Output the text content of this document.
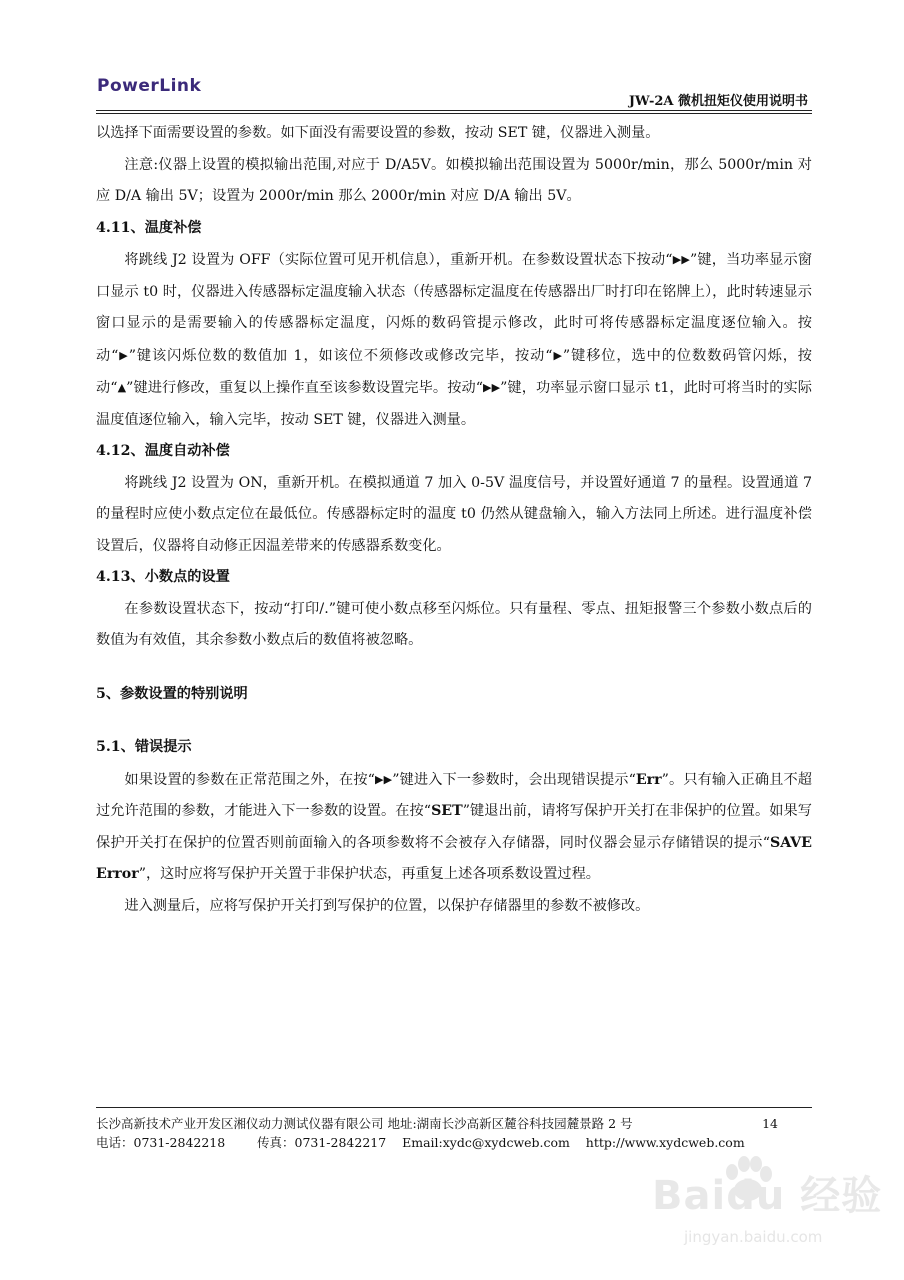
PowerLink
JW-2A 微机扭矩仪使用说明书

以选择下面需要设置的参数。如下面没有需要设置的参数，按动 SET 键，仪器进入测量。

注意:仪器上设置的模拟输出范围,对应于 D/A5V。如模拟输出范围设置为 5000r/min，那么 5000r/min 对应 D/A 输出 5V；设置为 2000r/min 那么 2000r/min 对应 D/A 输出 5V。

4.11、温度补偿

将跳线 J2 设置为 OFF（实际位置可见开机信息），重新开机。在参数设置状态下按动“▶▶”键，当功率显示窗口显示 t0 时，仪器进入传感器标定温度输入状态（传感器标定温度在传感器出厂时打印在铭牌上），此时转速显示窗口显示的是需要输入的传感器标定温度，闪烁的数码管提示修改，此时可将传感器标定温度逐位输入。按动“▶”键该闪烁位数的数值加 1，如该位不须修改或修改完毕，按动“▶”键移位，选中的位数数码管闪烁，按动“▲”键进行修改，重复以上操作直至该参数设置完毕。按动“▶▶”键，功率显示窗口显示 t1，此时可将当时的实际温度值逐位输入，输入完毕，按动 SET 键，仪器进入测量。

4.12、温度自动补偿

将跳线 J2 设置为 ON，重新开机。在模拟通道 7 加入 0-5V 温度信号，并设置好通道 7 的量程。设置通道 7 的量程时应使小数点定位在最低位。传感器标定时的温度 t0 仍然从键盘输入，输入方法同上所述。进行温度补偿设置后，仪器将自动修正因温差带来的传感器系数变化。

4.13、小数点的设置

在参数设置状态下，按动“打印/.”键可使小数点移至闪烁位。只有量程、零点、扭矩报警三个参数小数点后的数值为有效值，其余参数小数点后的数值将被忽略。

5、参数设置的特别说明

5.1、错误提示

如果设置的参数在正常范围之外，在按“▶▶”键进入下一参数时，会出现错误提示“Err”。只有输入正确且不超过允许范围的参数，才能进入下一参数的设置。在按“SET”键退出前，请将写保护开关打在非保护的位置。如果写保护开关打在保护的位置否则前面输入的各项参数将不会被存入存储器，同时仪器会显示存储错误的提示“SAVE Error”，这时应将写保护开关置于非保护状态，再重复上述各项系数设置过程。

进入测量后，应将写保护开关打到写保护的位置，以保护存储器里的参数不被修改。

长沙高新技术产业开发区湘仪动力测试仪器有限公司 地址:湖南长沙高新区麓谷科技园麓景路 2 号
电话：0731-2842218        传真：0731-2842217    Email:xydc@xydcweb.com    http://www.xydcweb.com
14
Baidu 经验
jingyan.baidu.com
